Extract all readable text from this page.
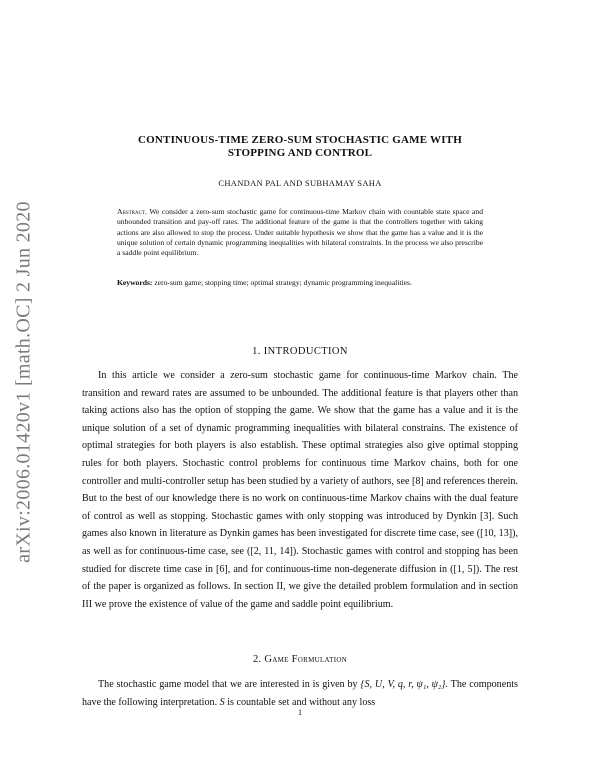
arXiv:2006.01420v1 [math.OC] 2 Jun 2020
CONTINUOUS-TIME ZERO-SUM STOCHASTIC GAME WITH
STOPPING AND CONTROL
CHANDAN PAL AND SUBHAMAY SAHA
Abstract. We consider a zero-sum stochastic game for continuous-time Markov chain with countable state space and unbounded transition and pay-off rates. The additional feature of the game is that the controllers together with taking actions are also allowed to stop the process. Under suitable hypothesis we show that the game has a value and it is the unique solution of certain dynamic programming inequalities with bilateral constraints. In the process we also prescribe a saddle point equilibrium.
Keywords: zero-sum game; stopping time; optimal strategy; dynamic programming inequalities.
1. INTRODUCTION

In this article we consider a zero-sum stochastic game for continuous-time Markov chain. The transition and reward rates are assumed to be unbounded. The additional feature is that players other than taking actions also has the option of stopping the game. We show that the game has a value and it is the unique solution of a set of dynamic programming inequalities with bilateral constrains. The existence of optimal strategies for both players is also establish. These optimal strategies also give optimal stopping rules for both players. Stochastic control problems for continuous time Markov chains, both for one controller and multi-controller setup has been studied by a variety of authors, see [8] and references therein. But to the best of our knowledge there is no work on continuous-time Markov chains with the dual feature of control as well as stopping. Stochastic games with only stopping was introduced by Dynkin [3]. Such games also known in literature as Dynkin games has been investigated for discrete time case, see ([10, 13]), as well as for continuous-time case, see ([2, 11, 14]). Stochastic games with control and stopping has been studied for discrete time case in [6], and for continuous-time non-degenerate diffusion in ([1, 5]). The rest of the paper is organized as follows. In section II, we give the detailed problem formulation and in section III we prove the existence of value of the game and saddle point equilibrium.

2. Game Formulation

The stochastic game model that we are interested in is given by {S, U, V, q, r, ψ₁, ψ₂}. The components have the following interpretation. S is countable set and without any loss

1
